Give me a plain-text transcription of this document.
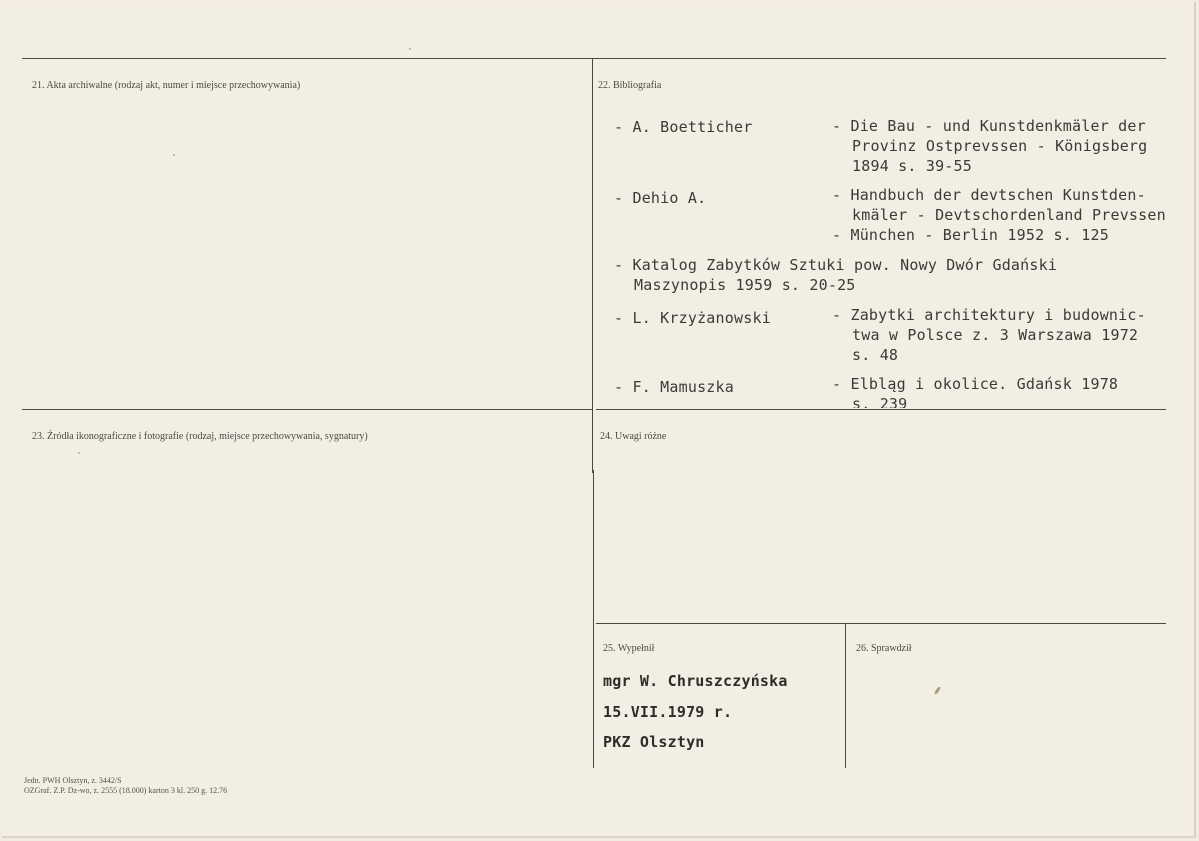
21. Akta archiwalne (rodzaj akt, numer i miejsce przechowywania)	22. Bibliografia
23. Źródła ikonograficzne i fotografie (rodzaj, miejsce przechowywania, sygnatury)	24. Uwagi różne
25. Wypełnił	26. Sprawdził
- A. Boetticher	- Die Bau - und Kunstdenkmäler der
Provinz Ostprevssen - Königsberg
1894 s. 39-55
- Dehio A.	- Handbuch der devtschen Kunstden-
kmäler - Devtschordenland Prevssen
- München - Berlin 1952 s. 125
- Katalog Zabytków Sztuki pow. Nowy Dwór Gdański
Maszynopis 1959 s. 20-25
- L. Krzyżanowski	- Zabytki architektury i budownic-
twa w Polsce z. 3 Warszawa 1972
s. 48
- F. Mamuszka	- Elbląg i okolice. Gdańsk 1978
s. 239
mgr W. Chruszczyńska
15.VII.1979 r.
PKZ Olsztyn
Jedn. PWH Olsztyn, z. 3442/S
OZGraf. Z.P. Dz-wo, z. 2555 (18.000) karton 3 kl. 250 g. 12.76
